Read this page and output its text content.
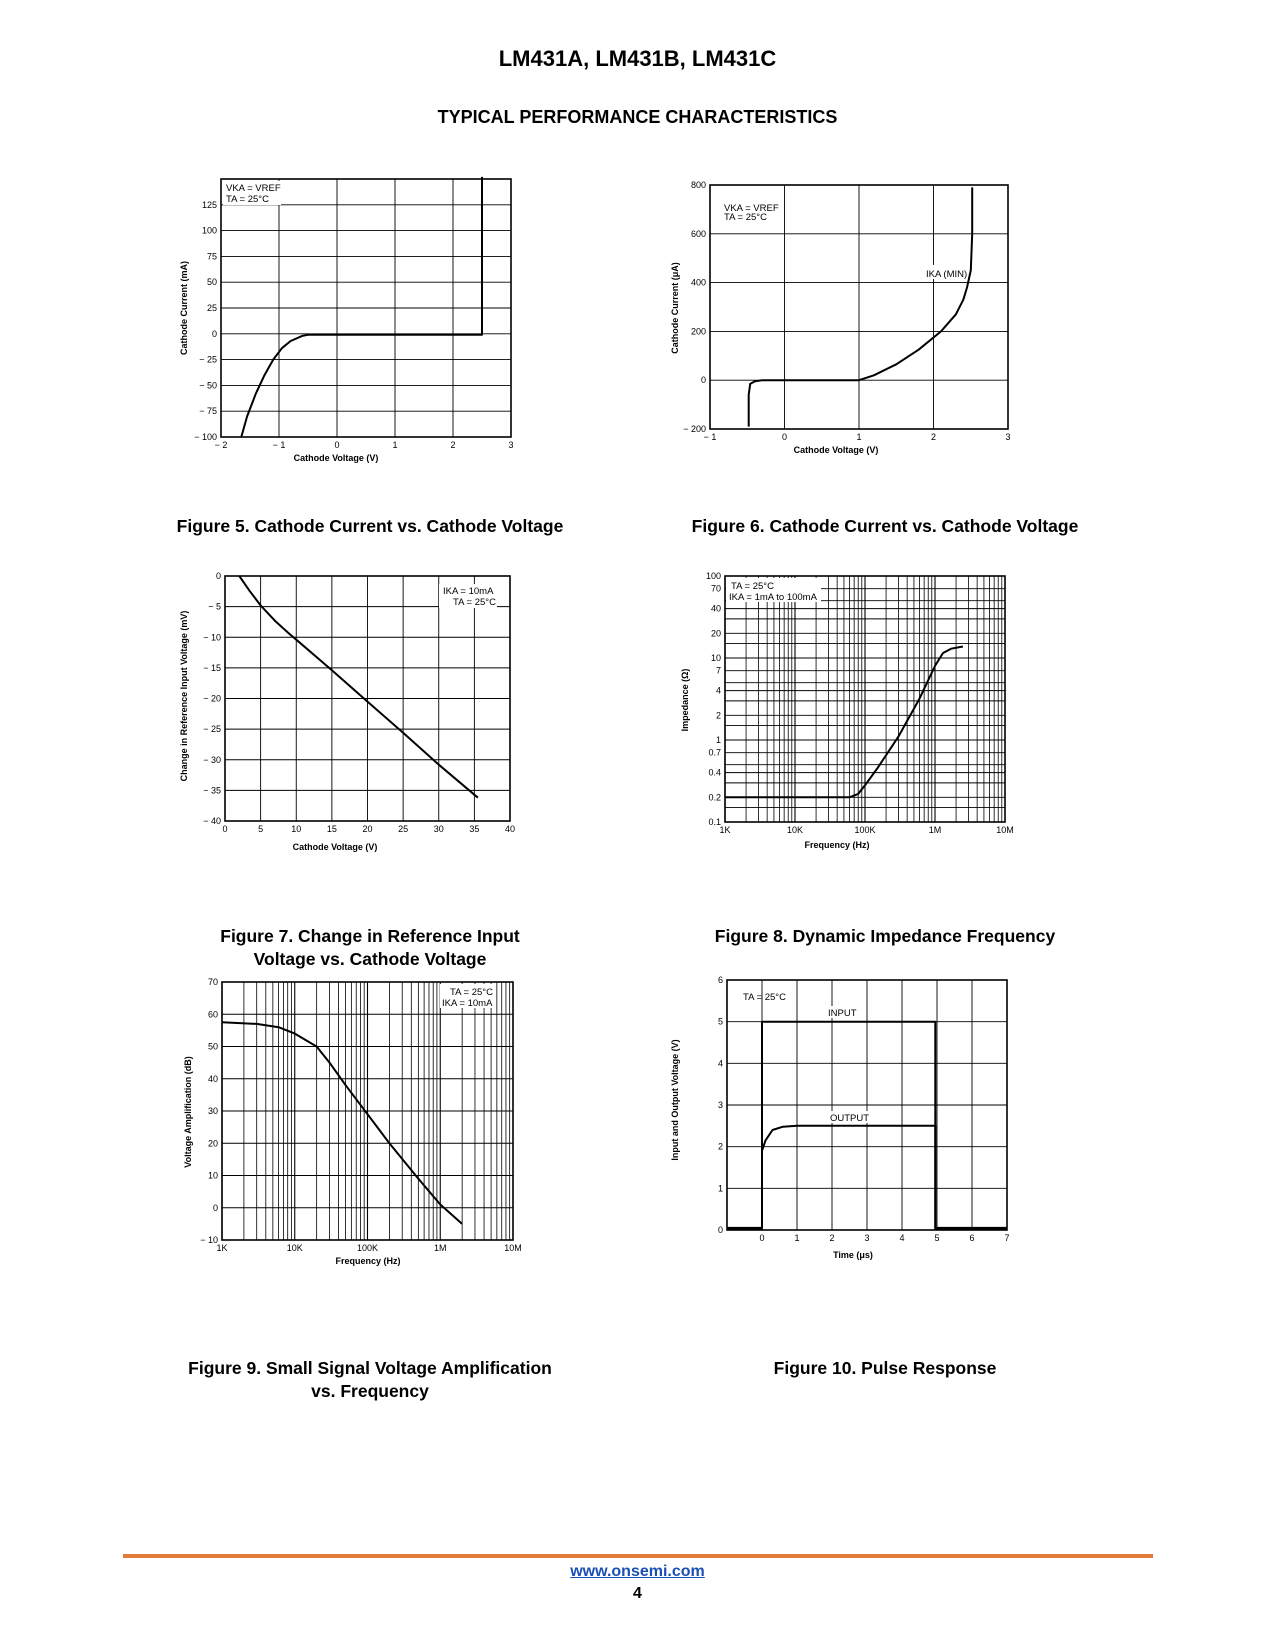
LM431A, LM431B, LM431C
TYPICAL PERFORMANCE CHARACTERISTICS
− 2	− 1	0	1	2	3
− 100
− 75
− 50
− 25
0
25
50
75
100
125
Cathode Voltage (V)
Cathode Current (mA)
VKA = VREF
TA = 25°C
− 1	0	1	2	3
− 200
0
200
400
600
800
Cathode Voltage (V)
Cathode Current (μA)
VKA = VREF
TA = 25°C
IKA (MIN)
0	5	10	15	20	25	30	35	40
− 40
− 35
− 30
− 25
− 20
− 15
− 10
− 5
0
Cathode Voltage (V)
Change in Reference Input Voltage (mV)
IKA = 10mA
TA = 25°C
1K	10K	100K	1M	10M
0.1
0.2
0.4
0.7
1
2
4
7
10
20
40
70
100
Frequency (Hz)
Impedance (Ω)
TA = 25°C
IKA = 1mA to 100mA
1K	10K	100K	1M	10M
− 10
0
10
20
30
40
50
60
70
Frequency (Hz)
Voltage Amplification (dB)
TA = 25°C
IKA = 10mA
0	1	2	3	4	5	6	7
0
1
2
3
4
5
6
Time (μs)
Input and Output Voltage (V)
TA = 25°C
INPUT
OUTPUT
Figure 5. Cathode Current vs. Cathode Voltage	Figure 6. Cathode Current vs. Cathode Voltage
Figure 7. Change in Reference Input
Voltage vs. Cathode Voltage
Figure 8. Dynamic Impedance Frequency
Figure 9. Small Signal Voltage Amplification
vs. Frequency
Figure 10. Pulse Response
www.onsemi.com
4
